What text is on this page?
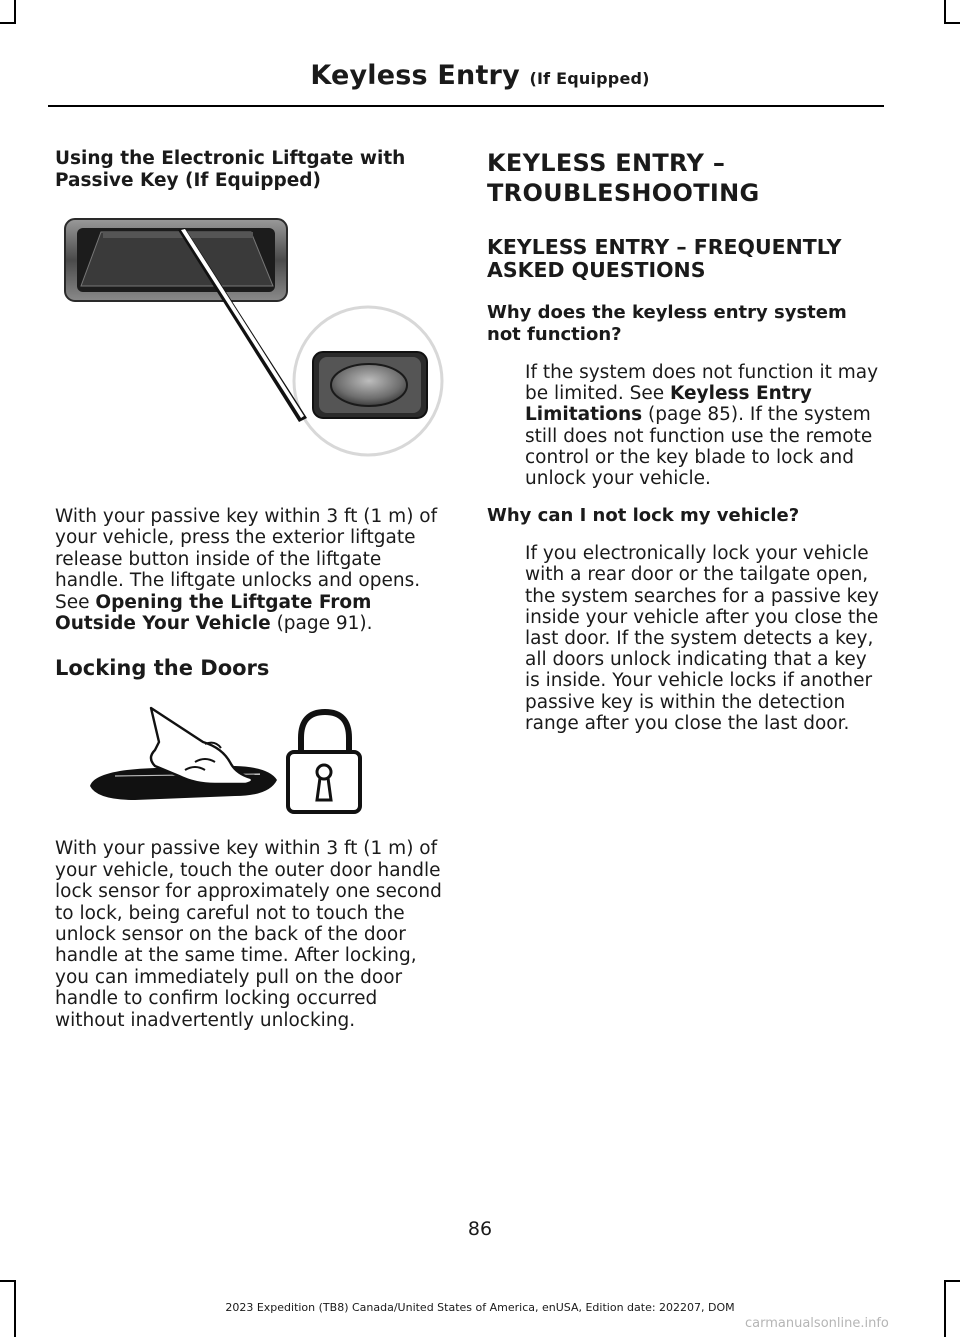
Keyless Entry (If Equipped)

Using the Electronic Liftgate with Passive Key (If Equipped)

With your passive key within 3 ft (1 m) of your vehicle, press the exterior liftgate release button inside of the liftgate handle. The liftgate unlocks and opens. See Opening the Liftgate From Outside Your Vehicle (page 91).

Locking the Doors

With your passive key within 3 ft (1 m) of your vehicle, touch the outer door handle lock sensor for approximately one second to lock, being careful not to touch the unlock sensor on the back of the door handle at the same time. After locking, you can immediately pull on the door handle to confirm locking occurred without inadvertently unlocking.

KEYLESS ENTRY –

TROUBLESHOOTING

KEYLESS ENTRY – FREQUENTLY ASKED QUESTIONS

Why does the keyless entry system not function?

If the system does not function it may be limited. See Keyless Entry Limitations (page 85). If the system still does not function use the remote control or the key blade to lock and unlock your vehicle.

Why can I not lock my vehicle?

If you electronically lock your vehicle with a rear door or the tailgate open, the system searches for a passive key inside your vehicle after you close the last door. If the system detects a key, all doors unlock indicating that a key is inside. Your vehicle locks if another passive key is within the detection range after you close the last door.

86
2023 Expedition (TB8) Canada/United States of America, enUSA, Edition date: 202207, DOM
carmanualsonline.info
